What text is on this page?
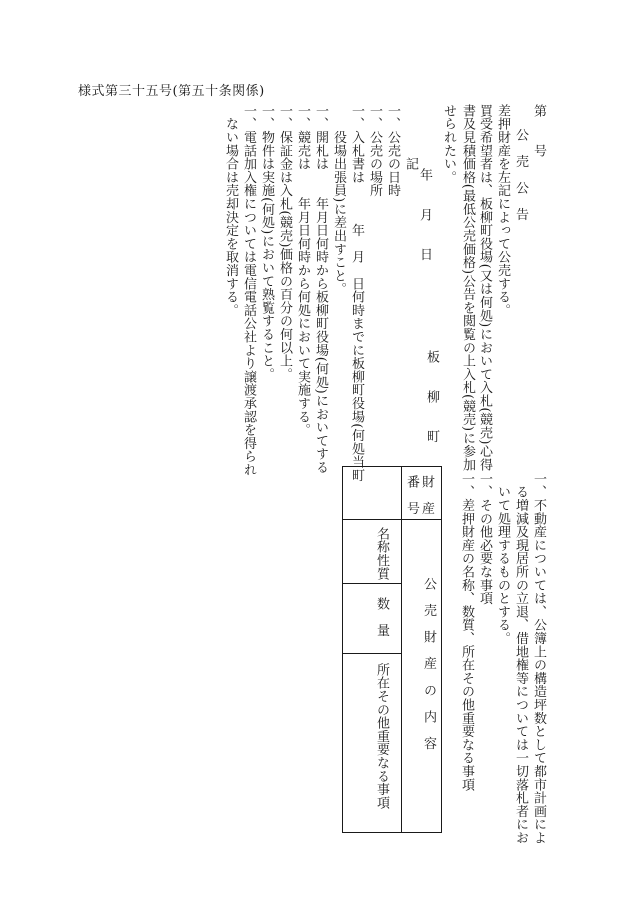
様式第三十五号(第五十条関係)
第　　号
公　売　公　告
差押財産を左記によって公売する。
買受希望者は、板柳町役場(又は何処)において入札(競売)心得
書及見積価格(最低公売価格)公告を閲覧の上入札(競売)に参加
せられたい。
年　　月　　日
板　　柳　　町
記
一、公売の日時
一、公売の場所
一、入札書は　　　年　月　日何時までに板柳町役場(何処当町
　　役場出張員)に差出すこと。
一、開札は　　年月日何時から板柳町役場(何処)においてする
一、競売は　　年月日何時から何処において実施する。
一、保証金は入札(競売)価格の百分の何以上。
一、物件は実施(何処)において熟覧すること。
一、電話加入権については電信電話公社より譲渡承認を得られ
　ない場合は売却決定を取消する。
一、不動産については、公簿上の構造坪数として都市計画によ
　る増減及現居所の立退、借地権等については一切落札者にお
　いて処理するものとする。
一、その他必要な事項
一、差押財産の名称、数質、所在その他重要なる事項
財　産
番　号
公　売　財　産　の　内　容
名称性質
数　量
所在その他重要なる事項
